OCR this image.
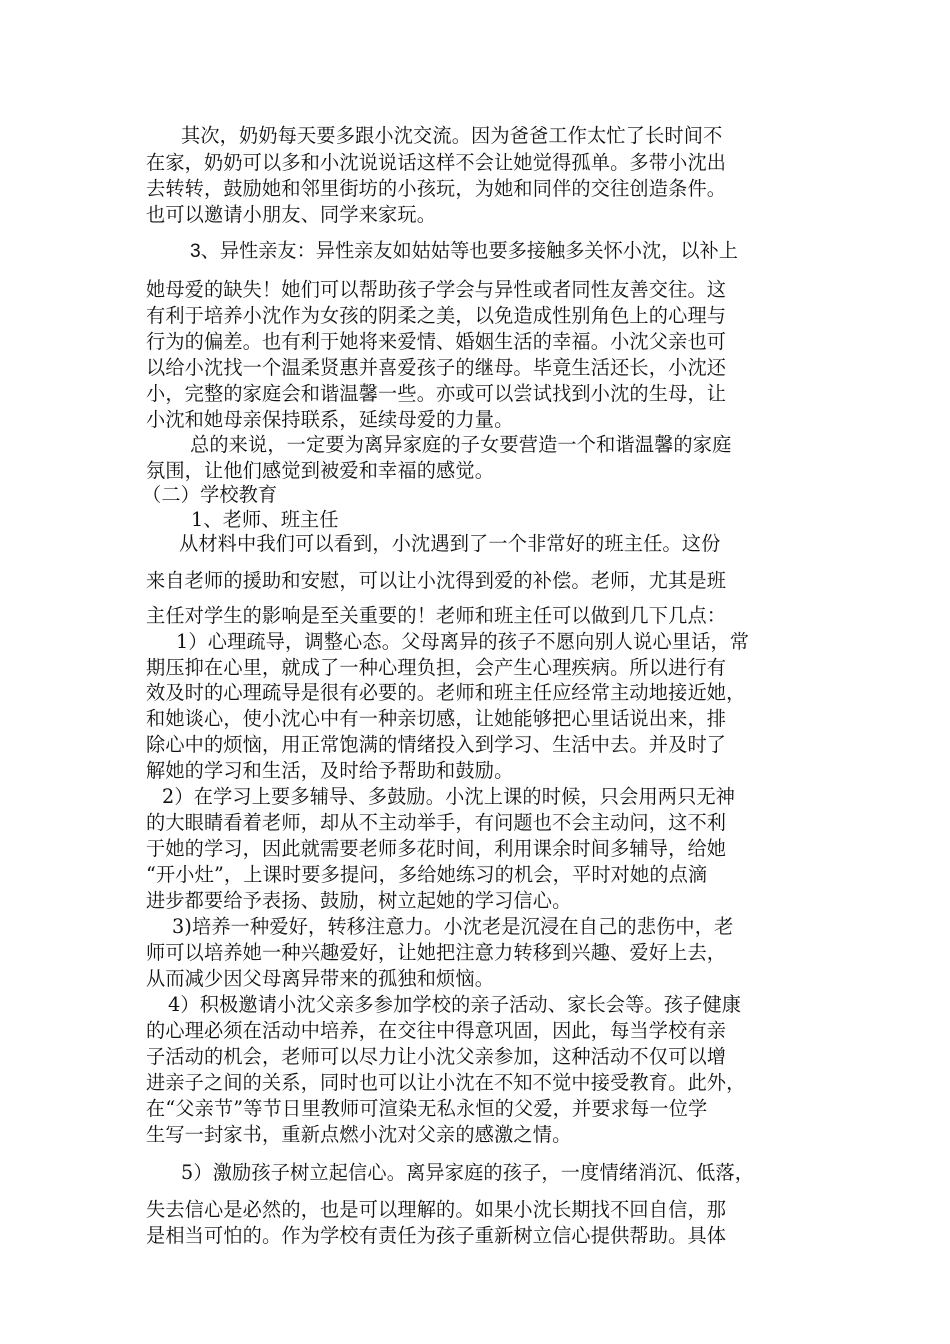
其次，奶奶每天要多跟小沈交流。因为爸爸工作太忙了长时间不
在家，奶奶可以多和小沈说说话这样不会让她觉得孤单。多带小沈出
去转转，鼓励她和邻里街坊的小孩玩，为她和同伴的交往创造条件。
也可以邀请小朋友、同学来家玩。
3、异性亲友：异性亲友如姑姑等也要多接触多关怀小沈，以补上
她母爱的缺失！她们可以帮助孩子学会与异性或者同性友善交往。这
有利于培养小沈作为女孩的阴柔之美，以免造成性别角色上的心理与
行为的偏差。也有利于她将来爱情、婚姻生活的幸福。小沈父亲也可
以给小沈找一个温柔贤惠并喜爱孩子的继母。毕竟生活还长，小沈还
小，完整的家庭会和谐温馨一些。亦或可以尝试找到小沈的生母，让
小沈和她母亲保持联系，延续母爱的力量。
总的来说，一定要为离异家庭的子女要营造一个和谐温馨的家庭
氛围，让他们感觉到被爱和幸福的感觉。
（二）学校教育
1、老师、班主任
从材料中我们可以看到，小沈遇到了一个非常好的班主任。这份
来自老师的援助和安慰，可以让小沈得到爱的补偿。老师，尤其是班
主任对学生的影响是至关重要的！老师和班主任可以做到几下几点：
1）心理疏导，调整心态。父母离异的孩子不愿向别人说心里话，常
期压抑在心里，就成了一种心理负担，会产生心理疾病。所以进行有
效及时的心理疏导是很有必要的。老师和班主任应经常主动地接近她，
和她谈心，使小沈心中有一种亲切感，让她能够把心里话说出来，排
除心中的烦恼，用正常饱满的情绪投入到学习、生活中去。并及时了
解她的学习和生活，及时给予帮助和鼓励。
2）在学习上要多辅导、多鼓励。小沈上课的时候，只会用两只无神
的大眼睛看着老师，却从不主动举手，有问题也不会主动问，这不利
于她的学习，因此就需要老师多花时间，利用课余时间多辅导，给她
“开小灶”，上课时要多提问，多给她练习的机会，平时对她的点滴
进步都要给予表扬、鼓励，树立起她的学习信心。
3)培养一种爱好，转移注意力。小沈老是沉浸在自己的悲伤中，老
师可以培养她一种兴趣爱好，让她把注意力转移到兴趣、爱好上去，
从而减少因父母离异带来的孤独和烦恼。
4）积极邀请小沈父亲多参加学校的亲子活动、家长会等。孩子健康
的心理必须在活动中培养，在交往中得意巩固，因此，每当学校有亲
子活动的机会，老师可以尽力让小沈父亲参加，这种活动不仅可以增
进亲子之间的关系，同时也可以让小沈在不知不觉中接受教育。此外，
在“父亲节”等节日里教师可渲染无私永恒的父爱，并要求每一位学
生写一封家书，重新点燃小沈对父亲的感激之情。
5）激励孩子树立起信心。离异家庭的孩子，一度情绪消沉、低落，
失去信心是必然的，也是可以理解的。如果小沈长期找不回自信，那
是相当可怕的。作为学校有责任为孩子重新树立信心提供帮助。具体
